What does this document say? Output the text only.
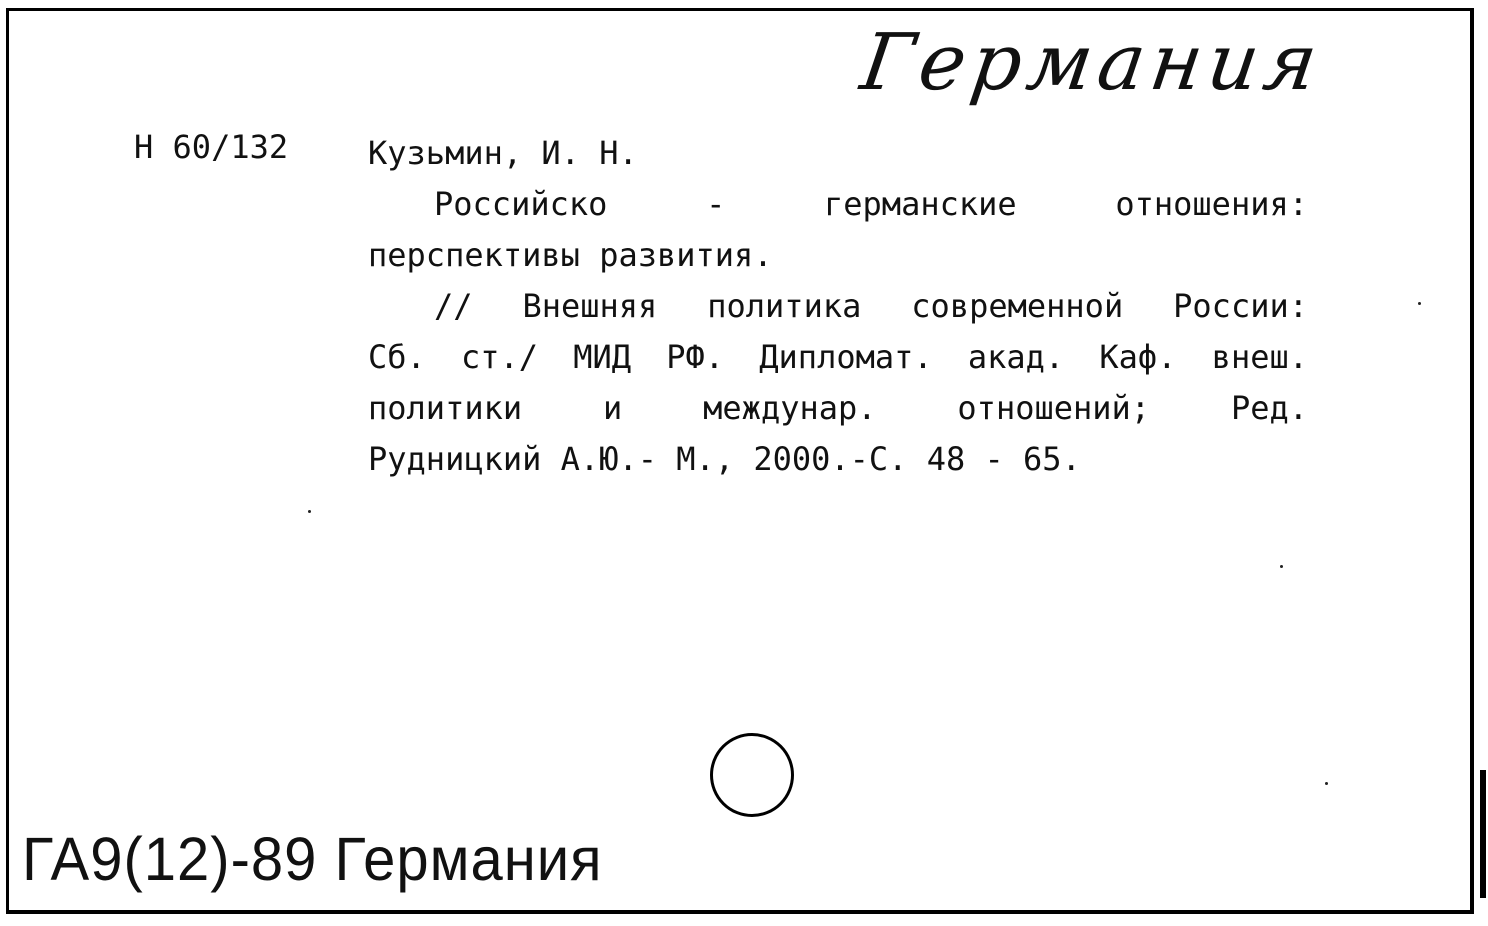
Германия
Н 60/132 Кузьмин, И. Н.
Российско - германские отношения:
перспективы развития.
// Внешняя политика современной России:
Сб. ст./ МИД РФ. Дипломат. акад. Каф. внеш.
политики и междунар. отношений; Ред.
Рудницкий А.Ю.- М., 2000.-С. 48 - 65.
ГА9(12)-89 Германия
